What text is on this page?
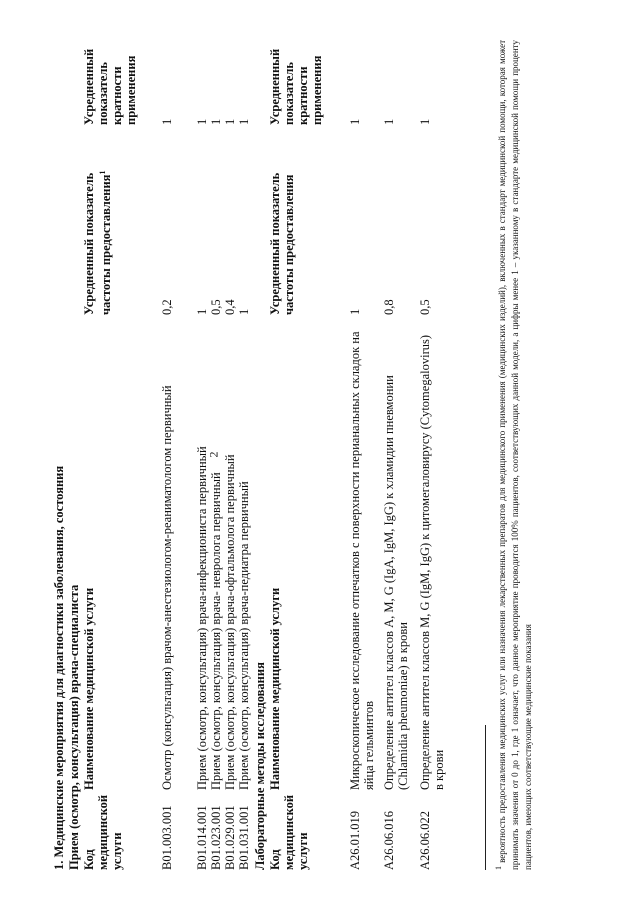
2
1. Медицинские мероприятия для диагностики заболевания, состояния Прием (осмотр, консультация) врача-специалиста Код медицинской услуги
Наименование медицинской услуги
Усредненный показатель частоты предоставления$^1$
Усредненный показатель кратности применения
B01.003.001
Осмотр (консультация) врачом-анестезиологом-реаниматологом первичный
0,2
1
B01.014.001
Прием (осмотр, консультация) врача-инфекциониста первичный
1
1
B01.023.001
Прием (осмотр, консультация) врача- невролога первичный
0,5
1
B01.029.001
Прием (осмотр, консультация) врача-офтальмолога первичный
0,4
1
B01.031.001
Прием (осмотр, консультация) врача-педиатра первичный
1
1
Лабораторные методы исследования Код медицинской услуги
Наименование медицинской услуги
Усредненный показатель частоты предоставления
Усредненный показатель кратности применения
A26.01.019
Микроскопическое исследование отпечатков с поверхности перианальных складок на яйца гельминтов
1
1
A26.06.016
Определение антител классов A, M, G (IgA, IgM, IgG) к хламидии пневмонии (Chlamidia pheumoniae) в крови
0,8
1
A26.06.022
Определение антител классов M, G (IgM, IgG) к цитомегаловирусу (Cytomegalovirus) в крови
0,5
1
$^1$ вероятность предоставления медицинских услуг или назначения лекарственных препаратов для медицинского применения (медицинских изделий), включенных в стандарт медицинской помощи, которая может принимать значения от 0 до 1, где 1 означает, что данное мероприятие проводится 100% пациентов, соответствующих данной модели, а цифры менее 1 – указанному в стандарте медицинской помощи проценту пациентов, имеющих соответствующие медицинские показания
